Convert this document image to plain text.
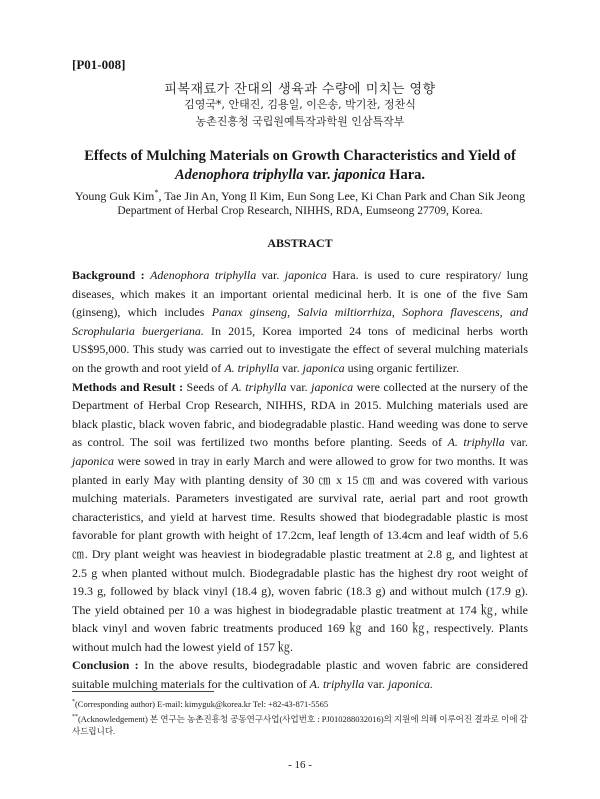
[P01-008]
피복재료가 잔대의 생육과 수량에 미치는 영향
김영국*, 안태진, 김용일, 이은송, 박기찬, 정찬식
농촌진흥청 국립원예특작과학원 인삼특작부
Effects of Mulching Materials on Growth Characteristics and Yield of
Adenophora triphylla var. japonica Hara.
Young Guk Kim*, Tae Jin An, Yong Il Kim, Eun Song Lee, Ki Chan Park and Chan Sik Jeong
Department of Herbal Crop Research, NIHHS, RDA, Eumseong 27709, Korea.
ABSTRACT

Background : Adenophora triphylla var. japonica Hara. is used to cure respiratory/ lung diseases, which makes it an important oriental medicinal herb. It is one of the five Sam (ginseng), which includes Panax ginseng, Salvia miltiorrhiza, Sophora flavescens, and Scrophularia buergeriana. In 2015, Korea imported 24 tons of medicinal herbs worth US$95,000. This study was carried out to investigate the effect of several mulching materials on the growth and root yield of A. triphylla var. japonica using organic fertilizer.

Methods and Result : Seeds of A. triphylla var. japonica were collected at the nursery of the Department of Herbal Crop Research, NIHHS, RDA in 2015. Mulching materials used are black plastic, black woven fabric, and biodegradable plastic. Hand weeding was done to serve as control. The soil was fertilized two months before planting. Seeds of A. triphylla var. japonica were sowed in tray in early March and were allowed to grow for two months. It was planted in early May with planting density of 30 ㎝ x 15 ㎝ and was covered with various mulching materials. Parameters investigated are survival rate, aerial part and root growth characteristics, and yield at harvest time. Results showed that biodegradable plastic is most favorable for plant growth with height of 17.2cm, leaf length of 13.4cm and leaf width of 5.6 ㎝. Dry plant weight was heaviest in biodegradable plastic treatment at 2.8 g, and lightest at 2.5 g when planted without mulch. Biodegradable plastic has the highest dry root weight of 19.3 g, followed by black vinyl (18.4 g), woven fabric (18.3 g) and without mulch (17.9 g). The yield obtained per 10 a was highest in biodegradable plastic treatment at 174 ㎏, while black vinyl and woven fabric treatments produced 169 ㎏ and 160 ㎏, respectively. Plants without mulch had the lowest yield of 157 ㎏.

Conclusion : In the above results, biodegradable plastic and woven fabric are considered suitable mulching materials for the cultivation of A. triphylla var. japonica.

*(Corresponding author) E-mail: kimyguk@korea.kr Tel: +82-43-871-5565
**(Acknowledgement) 본 연구는 농촌진흥청 공동연구사업(사업번호 : PJ010288032016)의 지원에 의해 이루어진 결과로 이에 감사드립니다.
- 16 -
